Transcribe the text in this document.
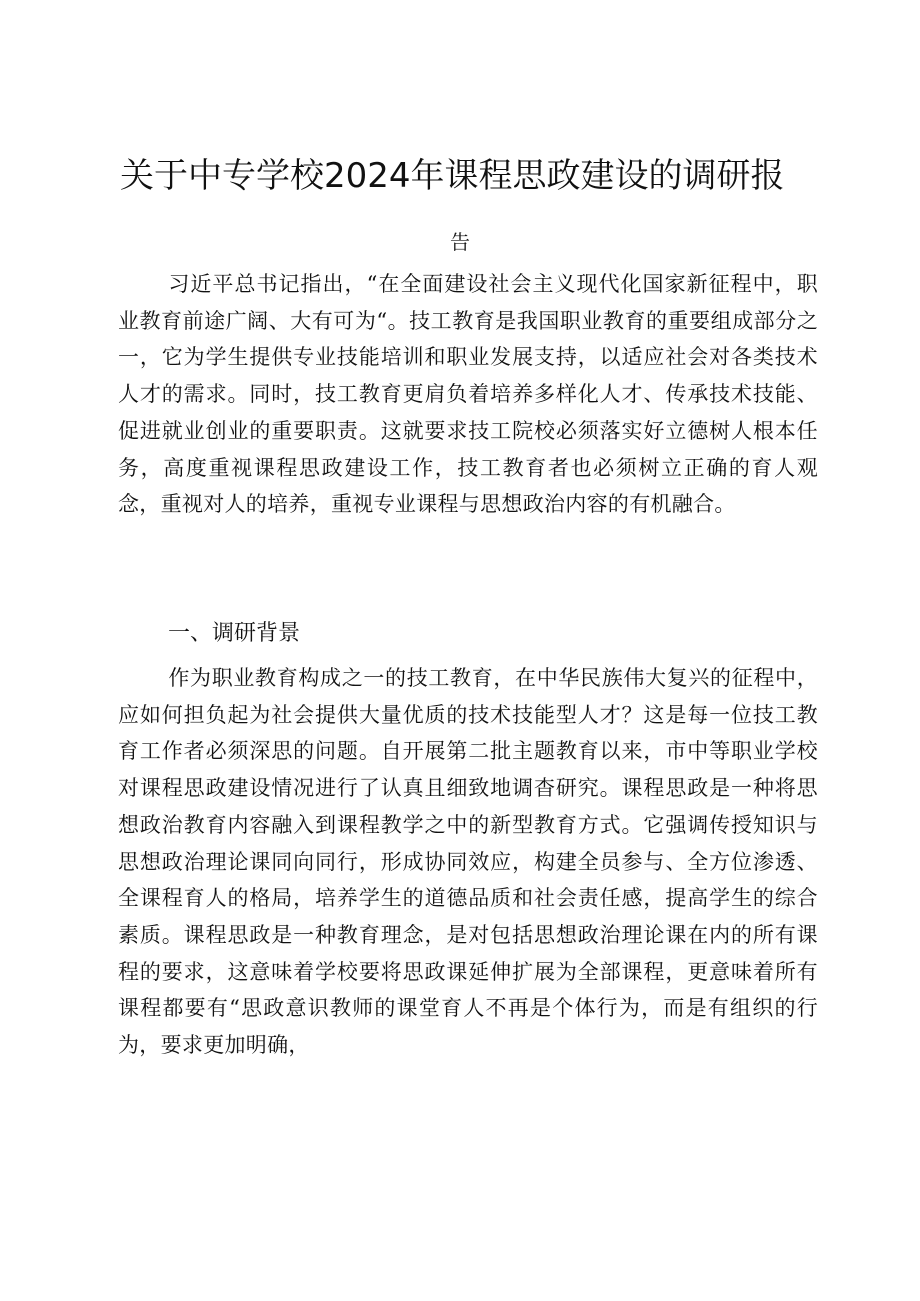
关于中专学校2024年课程思政建设的调研报
告

习近平总书记指出，“在全面建设社会主义现代化国家新征程中，职业教育前途广阔、大有可为“。技工教育是我国职业教育的重要组成部分之一，它为学生提供专业技能培训和职业发展支持，以适应社会对各类技术人才的需求。同时，技工教育更肩负着培养多样化人才、传承技术技能、促进就业创业的重要职责。这就要求技工院校必须落实好立德树人根本任务，高度重视课程思政建设工作，技工教育者也必须树立正确的育人观念，重视对人的培养，重视专业课程与思想政治内容的有机融合。

一、调研背景

作为职业教育构成之一的技工教育，在中华民族伟大复兴的征程中，应如何担负起为社会提供大量优质的技术技能型人才？这是每一位技工教育工作者必须深思的问题。自开展第二批主题教育以来，市中等职业学校对课程思政建设情况进行了认真且细致地调杳研究。课程思政是一种将思想政治教育内容融入到课程教学之中的新型教育方式。它强调传授知识与思想政治理论课同向同行，形成协同效应，构建全员参与、全方位渗透、全课程育人的格局，培养学生的道德品质和社会责任感，提高学生的综合素质。课程思政是一种教育理念，是对包括思想政治理论课在内的所有课程的要求，这意味着学校要将思政课延伸扩展为全部课程，更意味着所有课程都要有“思政意识教师的课堂育人不再是个体行为，而是有组织的行为，要求更加明确，
